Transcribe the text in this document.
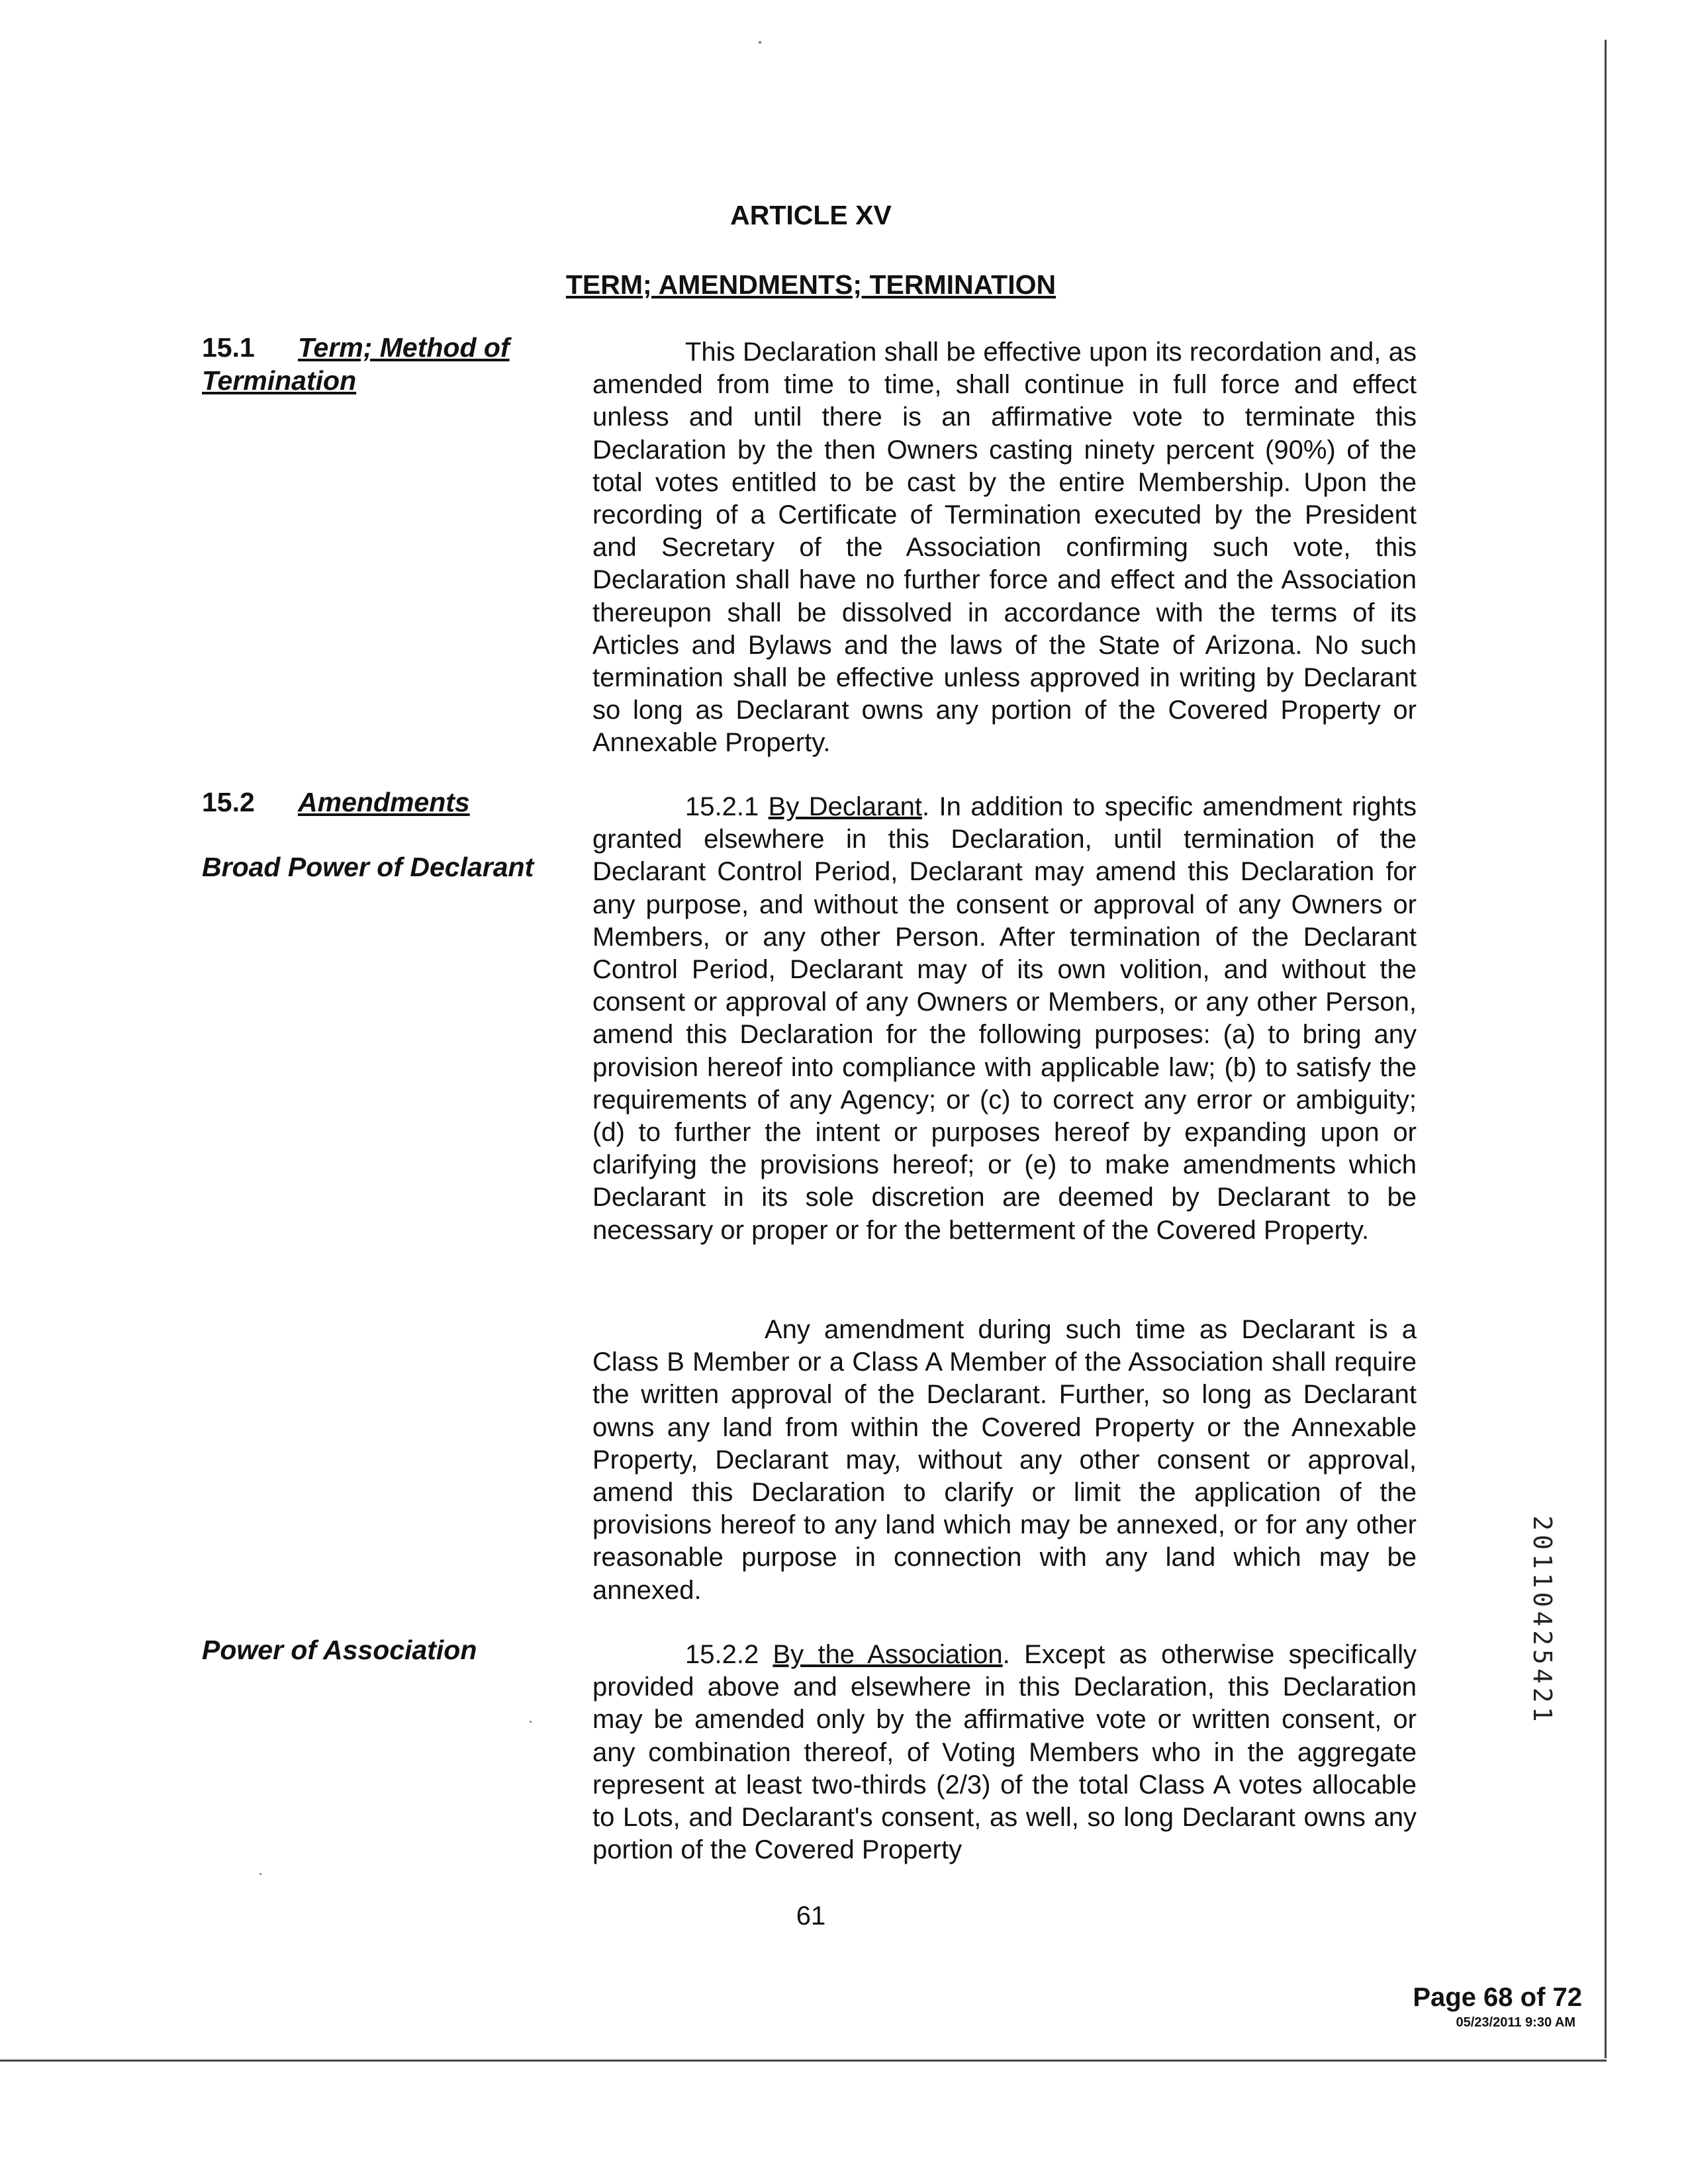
ARTICLE XV
TERM; AMENDMENTS; TERMINATION
15.1 Term; Method of
Termination

This Declaration shall be effective upon its recordation and, as amended from time to time, shall continue in full force and effect unless and until there is an affirmative vote to terminate this Declaration by the then Owners casting ninety percent (90%) of the total votes entitled to be cast by the entire Membership. Upon the recording of a Certificate of Termination executed by the President and Secretary of the Association confirming such vote, this Declaration shall have no further force and effect and the Association thereupon shall be dissolved in accordance with the terms of its Articles and Bylaws and the laws of the State of Arizona. No such termination shall be effective unless approved in writing by Declarant so long as Declarant owns any portion of the Covered Property or Annexable Property.

15.2 Amendments
Broad Power of Declarant

15.2.1 By Declarant. In addition to specific amendment rights granted elsewhere in this Declaration, until termination of the Declarant Control Period, Declarant may amend this Declaration for any purpose, and without the consent or approval of any Owners or Members, or any other Person. After termination of the Declarant Control Period, Declarant may of its own volition, and without the consent or approval of any Owners or Members, or any other Person, amend this Declaration for the following purposes: (a) to bring any provision hereof into compliance with applicable law; (b) to satisfy the requirements of any Agency; or (c) to correct any error or ambiguity; (d) to further the intent or purposes hereof by expanding upon or clarifying the provisions hereof; or (e) to make amendments which Declarant in its sole discretion are deemed by Declarant to be necessary or proper or for the betterment of the Covered Property.

Any amendment during such time as Declarant is a Class B Member or a Class A Member of the Association shall require the written approval of the Declarant. Further, so long as Declarant owns any land from within the Covered Property or the Annexable Property, Declarant may, without any other consent or approval, amend this Declaration to clarify or limit the application of the provisions hereof to any land which may be annexed, or for any other reasonable purpose in connection with any land which may be annexed.

Power of Association	15.2.2 By the Association. Except as otherwise specifically provided above and elsewhere in this Declaration, this Declaration may be amended only by the affirmative vote or written consent, or any combination thereof, of Voting Members who in the aggregate represent at least two-thirds (2/3) of the total Class A votes allocable to Lots, and Declarant's consent, as well, so long Declarant owns any portion of the Covered Property

61
Page 68 of 72
05/23/2011 9:30 AM
20110425421
